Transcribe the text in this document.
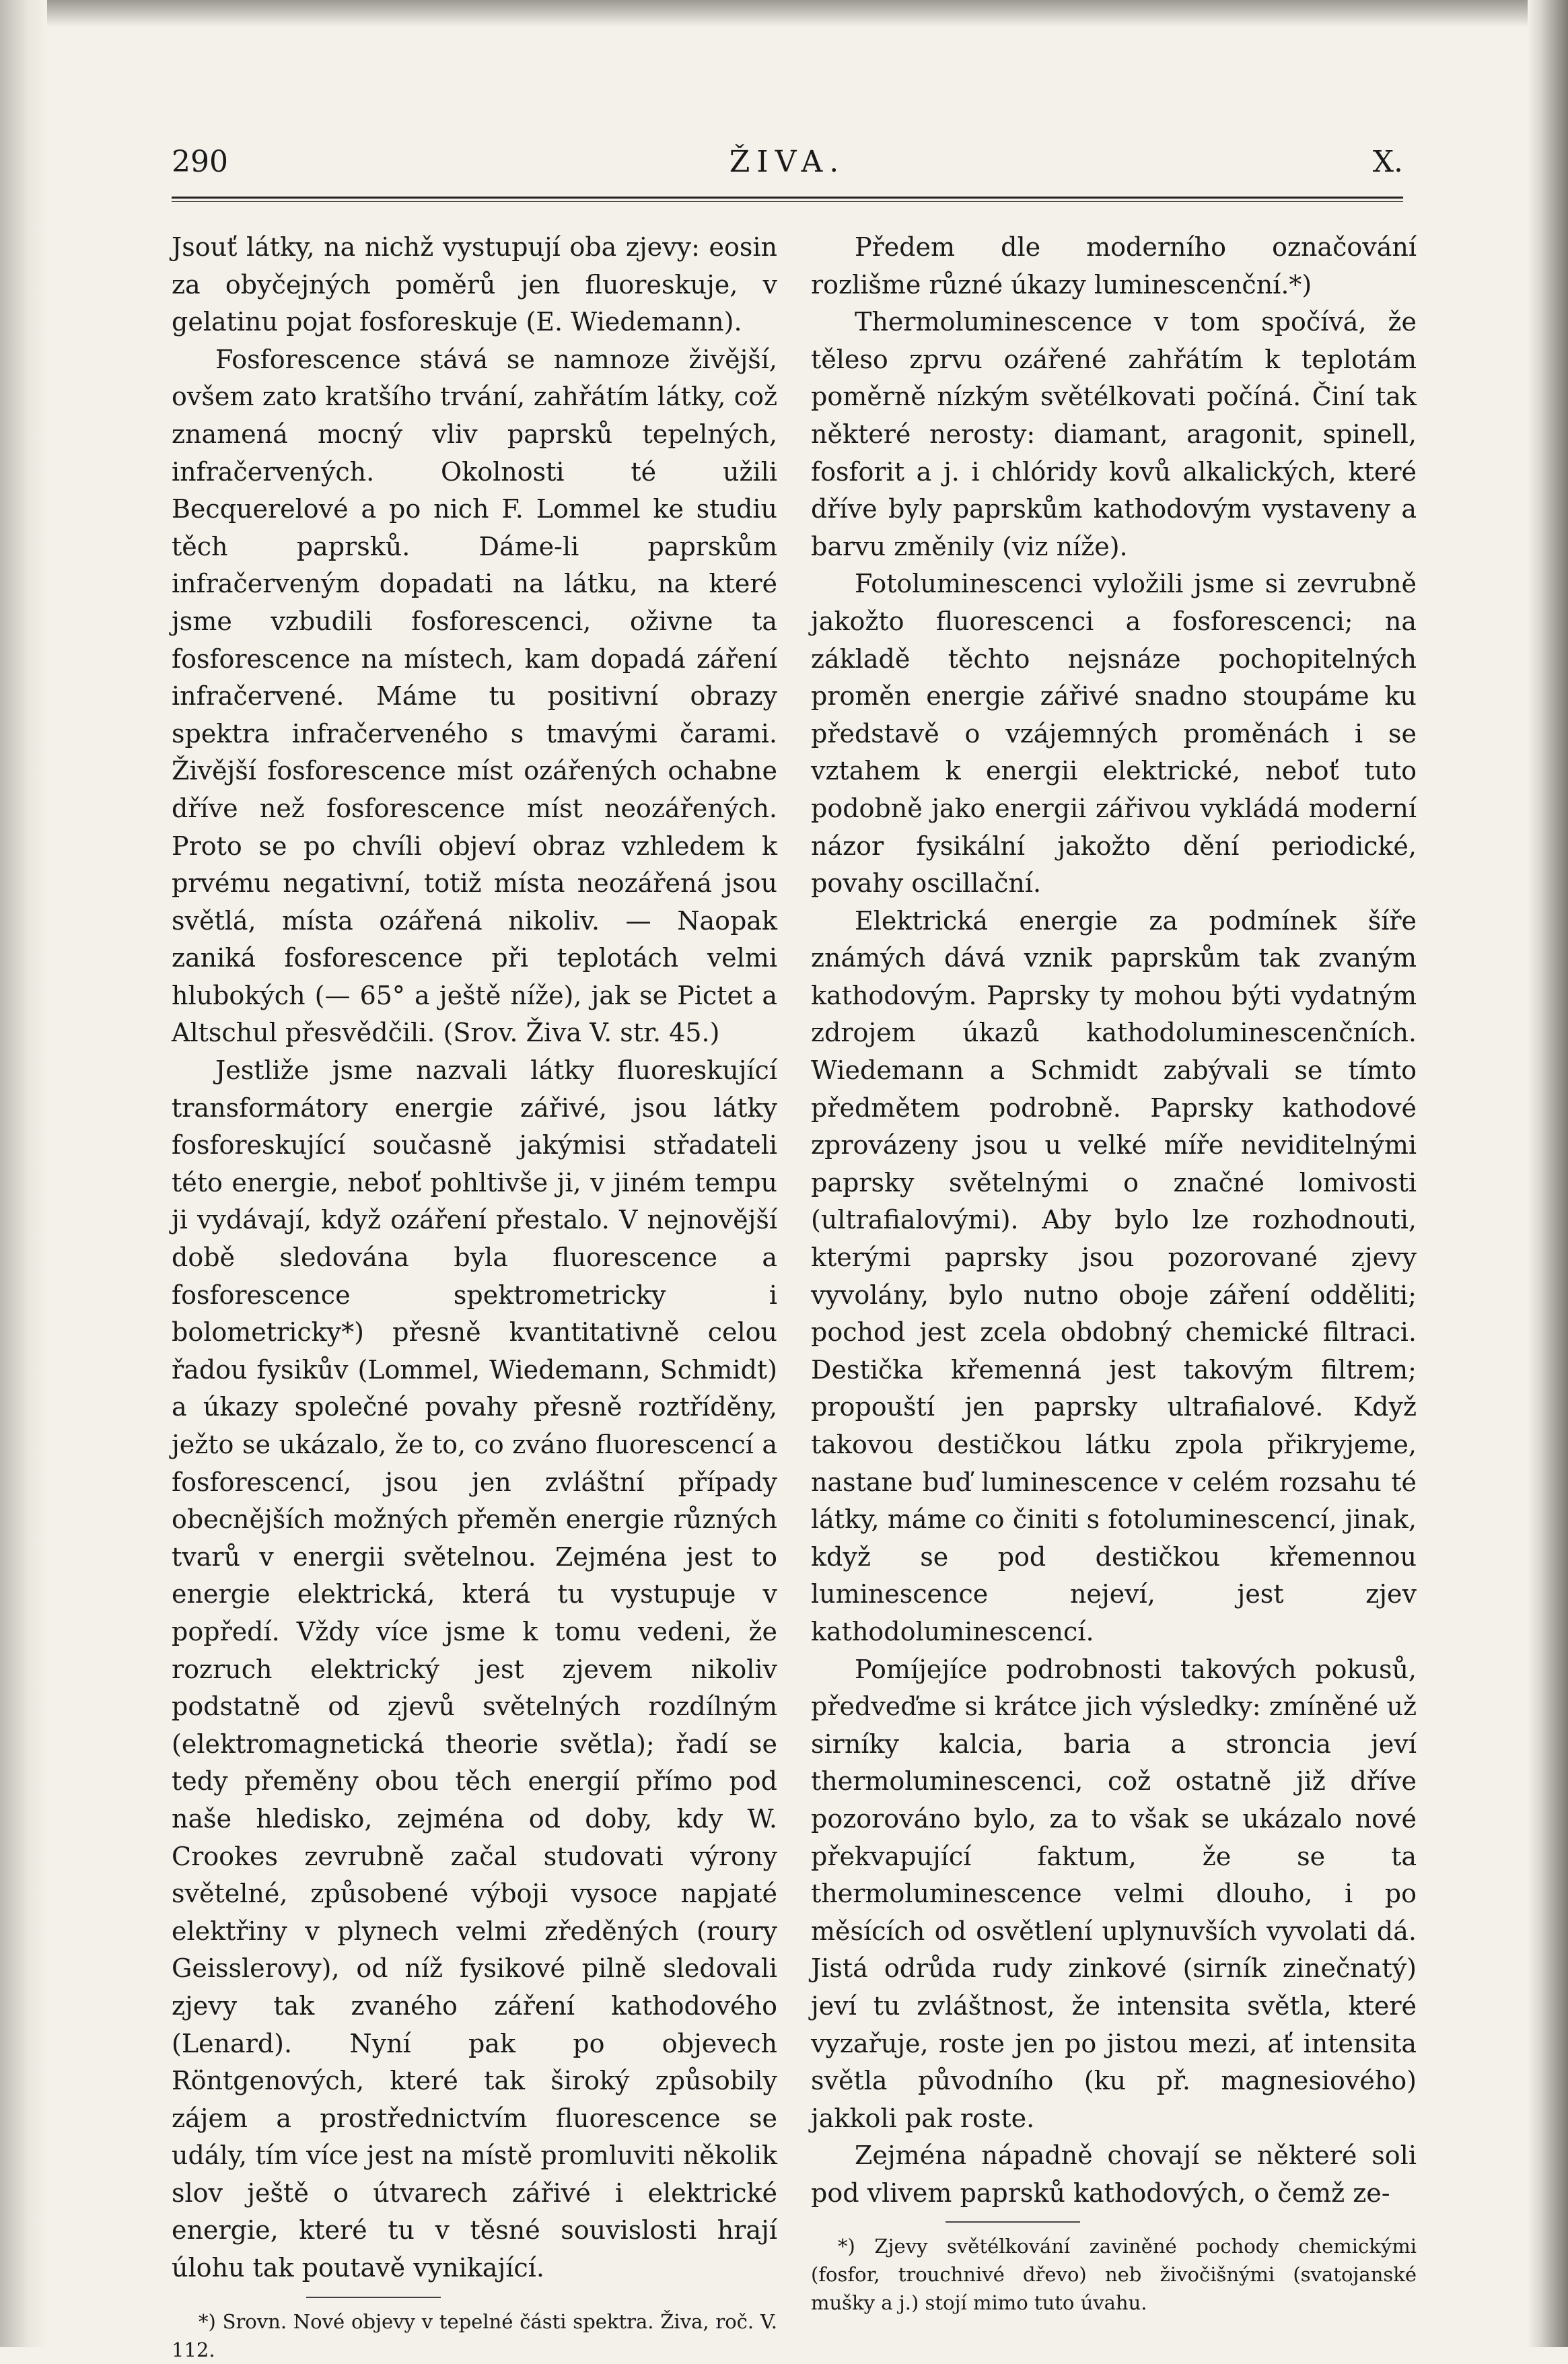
290	ŽIVA.	X.

Jsouť látky, na nichž vystupují oba zjevy: eosin za obyčejných poměrů jen fluoreskuje, v gelatinu pojat fosforeskuje (E. Wiedemann).

Fosforescence stává se namnoze živější, ovšem zato kratšího trvání, zahřátím látky, což znamená mocný vliv paprsků tepelných, infračervených. Okolnosti té užili Becquerelové a po nich F. Lommel ke studiu těch paprsků. Dáme-li paprskům infračerveným dopadati na látku, na které jsme vzbudili fosforescenci, oživne ta fosforescence na místech, kam dopadá záření infračervené. Máme tu positivní obrazy spektra infračerveného s tmavými čarami. Živější fosforescence míst ozářených ochabne dříve než fosforescence míst neozářených. Proto se po chvíli objeví obraz vzhledem k prvému negativní, totiž místa neozářená jsou světlá, místa ozářená nikoliv. — Naopak zaniká fosforescence při teplotách velmi hlubokých (— 65° a ještě níže), jak se Pictet a Altschul přesvědčili. (Srov. Živa V. str. 45.)

Jestliže jsme nazvali látky fluoreskující transformátory energie zářivé, jsou látky fosforeskující současně jakýmisi střadateli této energie, neboť pohltivše ji, v jiném tempu ji vydávají, když ozáření přestalo. V nejnovější době sledována byla fluorescence a fosforescence spektrometricky i bolometricky*) přesně kvantitativně celou řadou fysikův (Lommel, Wiedemann, Schmidt) a úkazy společné povahy přesně roztříděny, ježto se ukázalo, že to, co zváno fluorescencí a fosforescencí, jsou jen zvláštní případy obecnějších možných přeměn energie různých tvarů v energii světelnou. Zejména jest to energie elektrická, která tu vystupuje v popředí. Vždy více jsme k tomu vedeni, že rozruch elektrický jest zjevem nikoliv podstatně od zjevů světelných rozdílným (elektromagnetická theorie světla); řadí se tedy přeměny obou těch energií přímo pod naše hledisko, zejména od doby, kdy W. Crookes zevrubně začal studovati výrony světelné, způsobené výboji vysoce napjaté elektřiny v plynech velmi zředěných (roury Geisslerovy), od níž fysikové pilně sledovali zjevy tak zvaného záření kathodového (Lenard). Nyní pak po objevech Röntgenových, které tak široký způsobily zájem a prostřednictvím fluorescence se udály, tím více jest na místě promluviti několik slov ještě o útvarech zářivé i elektrické energie, které tu v těsné souvislosti hrají úlohu tak poutavě vynikající.

*) Srovn. Nové objevy v tepelné části spektra. Živa, roč. V. 112.

Předem dle moderního označování rozlišme různé úkazy luminescenční.*)

Thermoluminescence v tom spočívá, že těleso zprvu ozářené zahřátím k teplotám poměrně nízkým světélkovati počíná. Činí tak některé nerosty: diamant, aragonit, spinell, fosforit a j. i chlóridy kovů alkalických, které dříve byly paprskům kathodovým vystaveny a barvu změnily (viz níže).

Fotoluminescenci vyložili jsme si zevrubně jakožto fluorescenci a fosforescenci; na základě těchto nejsnáze pochopitelných proměn energie zářivé snadno stoupáme ku představě o vzájemných proměnách i se vztahem k energii elektrické, neboť tuto podobně jako energii zářivou vykládá moderní názor fysikální jakožto dění periodické, povahy oscillační.

Elektrická energie za podmínek šíře známých dává vznik paprskům tak zvaným kathodovým. Paprsky ty mohou býti vydatným zdrojem úkazů kathodoluminescenčních. Wiedemann a Schmidt zabývali se tímto předmětem podrobně. Paprsky kathodové zprovázeny jsou u velké míře neviditelnými paprsky světelnými o značné lomivosti (ultrafialovými). Aby bylo lze rozhodnouti, kterými paprsky jsou pozorované zjevy vyvolány, bylo nutno oboje záření odděliti; pochod jest zcela obdobný chemické filtraci. Destička křemenná jest takovým filtrem; propouští jen paprsky ultrafialové. Když takovou destičkou látku zpola přikryjeme, nastane buď luminescence v celém rozsahu té látky, máme co činiti s fotoluminescencí, jinak, když se pod destičkou křemennou luminescence nejeví, jest zjev kathodoluminescencí.

Pomíjejíce podrobnosti takových pokusů, předveďme si krátce jich výsledky: zmíněné už sirníky kalcia, baria a stroncia jeví thermoluminescenci, což ostatně již dříve pozorováno bylo, za to však se ukázalo nové překvapující faktum, že se ta thermoluminescence velmi dlouho, i po měsících od osvětlení uplynuvších vyvolati dá. Jistá odrůda rudy zinkové (sirník zinečnatý) jeví tu zvláštnost, že intensita světla, které vyzařuje, roste jen po jistou mezi, ať intensita světla původního (ku př. magnesiového) jakkoli pak roste.

Zejména nápadně chovají se některé soli pod vlivem paprsků kathodových, o čemž ze-

*) Zjevy světélkování zaviněné pochody chemickými (fosfor, trouchnivé dřevo) neb živočišnými (svatojanské mušky a j.) stojí mimo tuto úvahu.
